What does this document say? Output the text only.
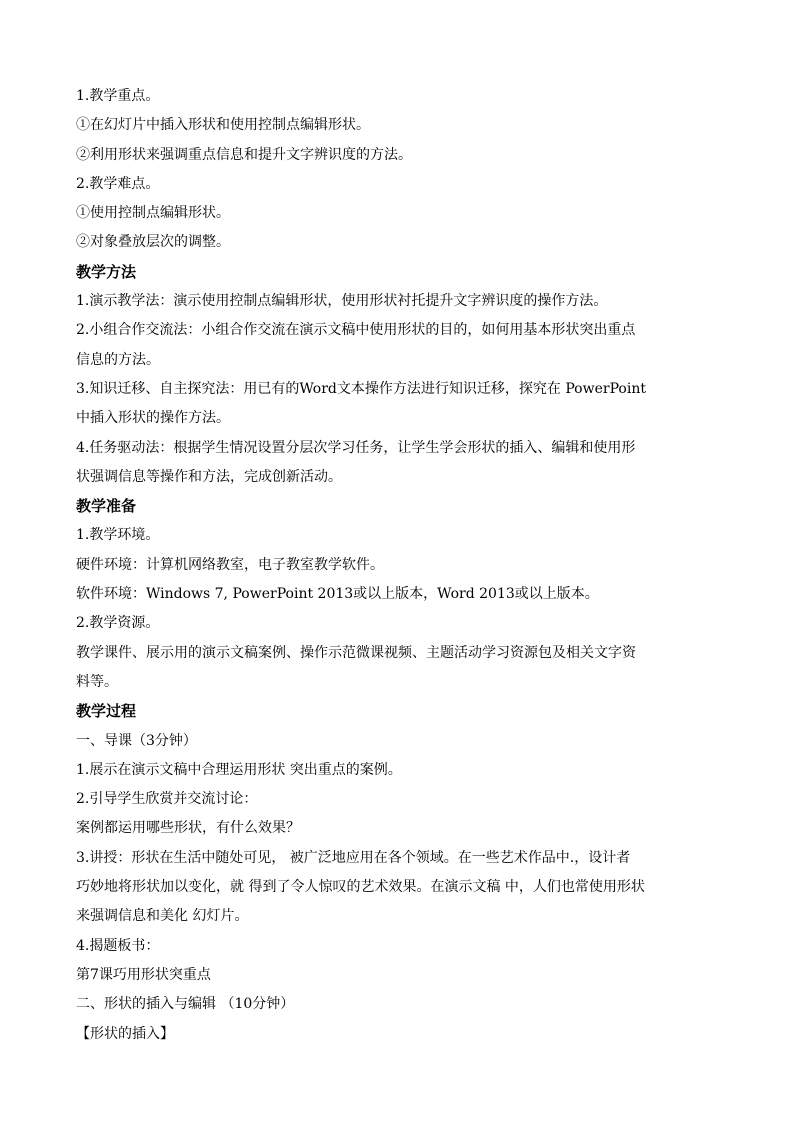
1.教学重点。
①在幻灯片中插入形状和使用控制点编辑形状。
②利用形状来强调重点信息和提升文字辨识度的方法。
2.教学难点。
①使用控制点编辑形状。
②对象叠放层次的调整。
教学方法
1.演示教学法：演示使用控制点编辑形状，使用形状衬托提升文字辨识度的操作方法。
2.小组合作交流法：小组合作交流在演示文稿中使用形状的目的，如何用基本形状突出重点
信息的方法。
3.知识迁移、自主探究法：用已有的Word文本操作方法进行知识迁移，探究在 PowerPoint
中插入形状的操作方法。
4.任务驱动法：根据学生情况设置分层次学习任务，让学生学会形状的插入、编辑和使用形
状强调信息等操作和方法，完成创新活动。
教学准备
1.教学环境。
硬件环境：计算机网络教室，电子教室教学软件。
软件环境：Windows 7, PowerPoint 2013或以上版本，Word 2013或以上版本。
2.教学资源。
教学课件、展示用的演示文稿案例、操作示范微课视频、主题活动学习资源包及相关文字资
料等。
教学过程
一、导课（3分钟）
1.展示在演示文稿中合理运用形状 突出重点的案例。
2.引导学生欣赏并交流讨论：
案例都运用哪些形状，有什么效果？
3.讲授：形状在生活中随处可见， 被广泛地应用在各个领域。在一些艺术作品中.，设计者
巧妙地将形状加以变化，就 得到了令人惊叹的艺术效果。在演示文稿 中，人们也常使用形状
来强调信息和美化 幻灯片。
4.揭题板书：
第7课巧用形状突重点
二、形状的插入与编辑 （10分钟）
【形状的插入】
